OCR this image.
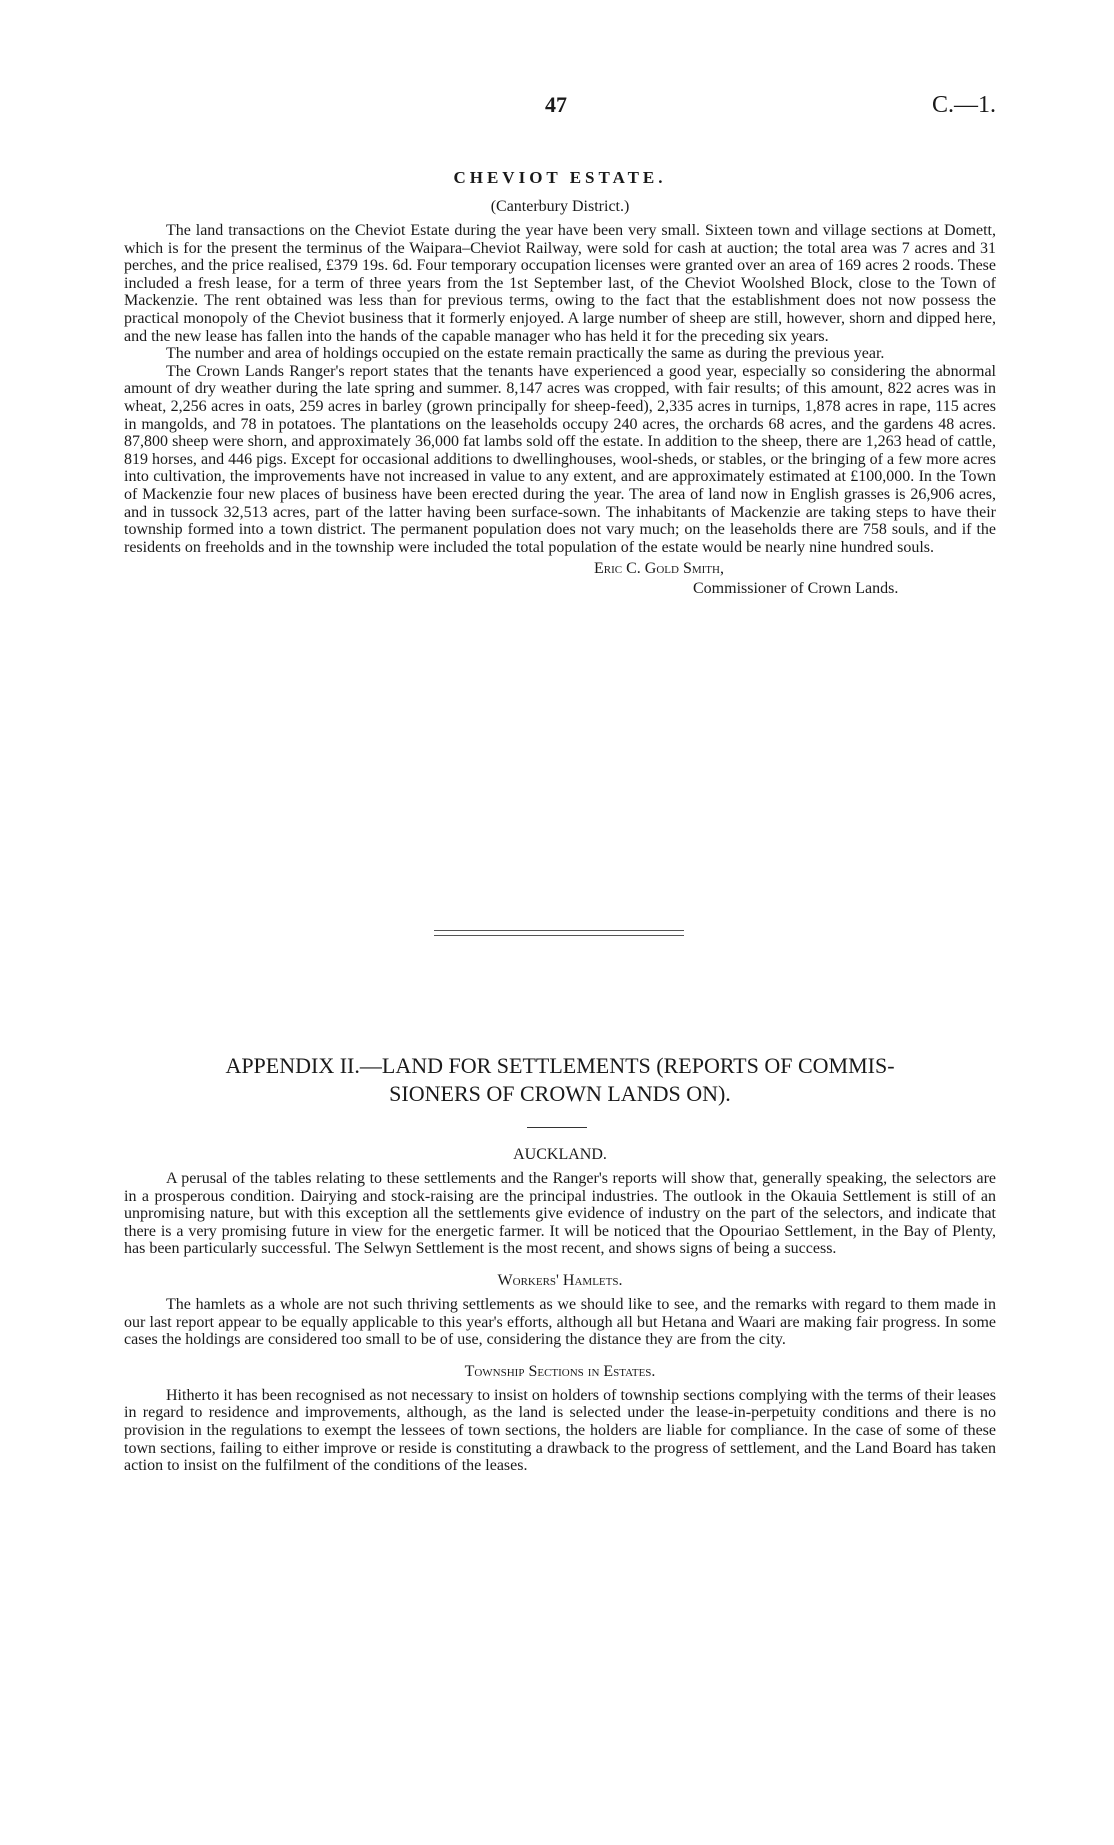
47	C.—1.
CHEVIOT ESTATE.
(Canterbury District.)

The land transactions on the Cheviot Estate during the year have been very small. Sixteen town and village sections at Domett, which is for the present the terminus of the Waipara–Cheviot Railway, were sold for cash at auction; the total area was 7 acres and 31 perches, and the price realised, £379 19s. 6d. Four temporary occupation licenses were granted over an area of 169 acres 2 roods. These included a fresh lease, for a term of three years from the 1st September last, of the Cheviot Woolshed Block, close to the Town of Mackenzie. The rent obtained was less than for previous terms, owing to the fact that the establishment does not now possess the practical monopoly of the Cheviot business that it formerly enjoyed. A large number of sheep are still, however, shorn and dipped here, and the new lease has fallen into the hands of the capable manager who has held it for the preceding six years.

The number and area of holdings occupied on the estate remain practically the same as during the previous year.

The Crown Lands Ranger's report states that the tenants have experienced a good year, especially so considering the abnormal amount of dry weather during the late spring and summer. 8,147 acres was cropped, with fair results; of this amount, 822 acres was in wheat, 2,256 acres in oats, 259 acres in barley (grown principally for sheep-feed), 2,335 acres in turnips, 1,878 acres in rape, 115 acres in mangolds, and 78 in potatoes. The plantations on the leaseholds occupy 240 acres, the orchards 68 acres, and the gardens 48 acres. 87,800 sheep were shorn, and approximately 36,000 fat lambs sold off the estate. In addition to the sheep, there are 1,263 head of cattle, 819 horses, and 446 pigs. Except for occasional additions to dwellinghouses, wool-sheds, or stables, or the bringing of a few more acres into cultivation, the improvements have not increased in value to any extent, and are approximately estimated at £100,000. In the Town of Mackenzie four new places of business have been erected during the year. The area of land now in English grasses is 26,906 acres, and in tussock 32,513 acres, part of the latter having been surface-sown. The inhabitants of Mackenzie are taking steps to have their township formed into a town district. The permanent population does not vary much; on the leaseholds there are 758 souls, and if the residents on freeholds and in the township were included the total population of the estate would be nearly nine hundred souls.

Eric C. Gold Smith,
Commissioner of Crown Lands.
APPENDIX II.—LAND FOR SETTLEMENTS (REPORTS OF COMMIS-
SIONERS OF CROWN LANDS ON).
AUCKLAND.

A perusal of the tables relating to these settlements and the Ranger's reports will show that, generally speaking, the selectors are in a prosperous condition. Dairying and stock-raising are the principal industries. The outlook in the Okauia Settlement is still of an unpromising nature, but with this exception all the settlements give evidence of industry on the part of the selectors, and indicate that there is a very promising future in view for the energetic farmer. It will be noticed that the Opouriao Settlement, in the Bay of Plenty, has been particularly successful. The Selwyn Settlement is the most recent, and shows signs of being a success.

Workers' Hamlets.

The hamlets as a whole are not such thriving settlements as we should like to see, and the remarks with regard to them made in our last report appear to be equally applicable to this year's efforts, although all but Hetana and Waari are making fair progress. In some cases the holdings are considered too small to be of use, considering the distance they are from the city.

Township Sections in Estates.

Hitherto it has been recognised as not necessary to insist on holders of township sections complying with the terms of their leases in regard to residence and improvements, although, as the land is selected under the lease-in-perpetuity conditions and there is no provision in the regulations to exempt the lessees of town sections, the holders are liable for compliance. In the case of some of these town sections, failing to either improve or reside is constituting a drawback to the progress of settlement, and the Land Board has taken action to insist on the fulfilment of the conditions of the leases.
